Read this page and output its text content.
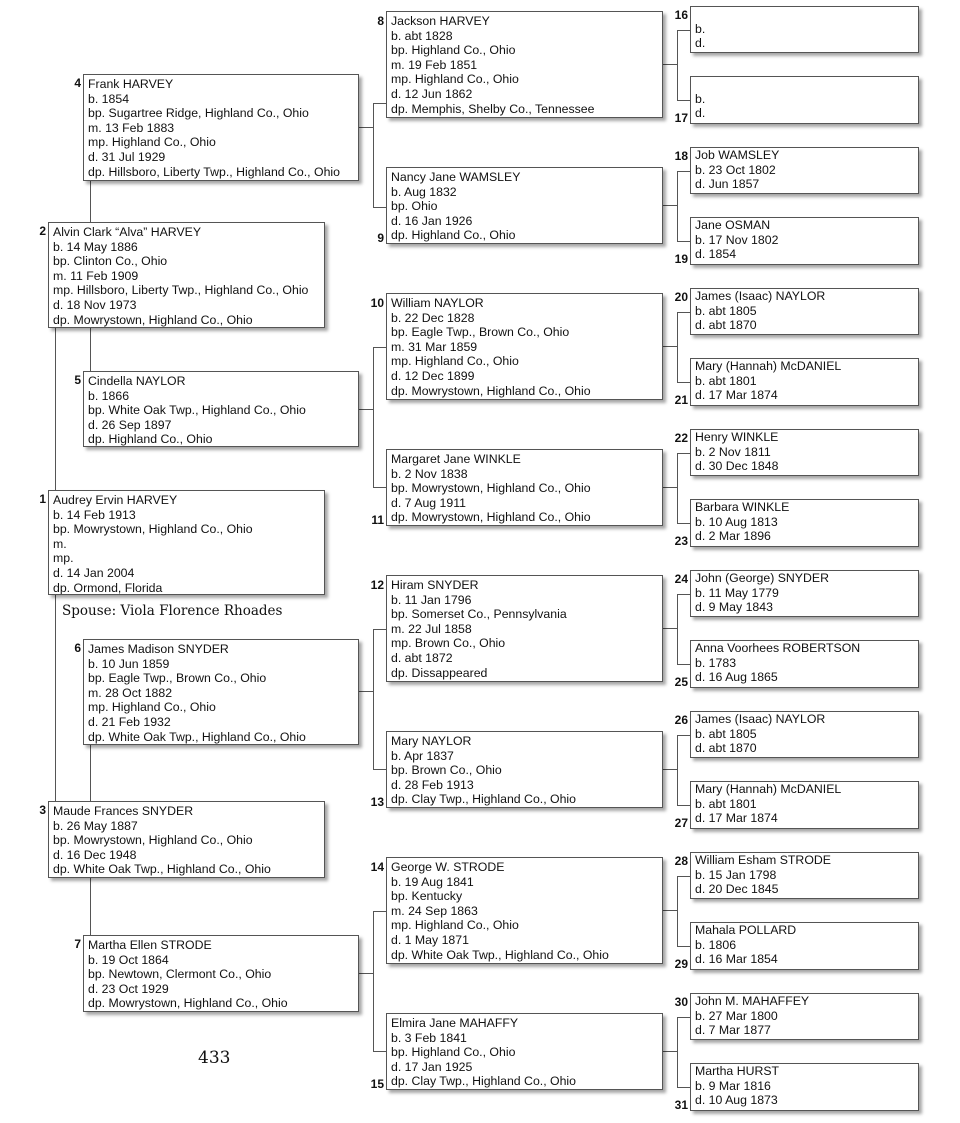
1 Audrey Ervin HARVEY
b. 14 Feb 1913
bp. Mowrystown, Highland Co., Ohio
m.
mp.
d. 14 Jan 2004
dp. Ormond, Florida
Spouse: Viola Florence Rhoades
2 Alvin Clark “Alva” HARVEY
b. 14 May 1886
bp. Clinton Co., Ohio
m. 11 Feb 1909
mp. Hillsboro, Liberty Twp., Highland Co., Ohio
d. 18 Nov 1973
dp. Mowrystown, Highland Co., Ohio
3 Maude Frances SNYDER
b. 26 May 1887
bp. Mowrystown, Highland Co., Ohio
d. 16 Dec 1948
dp. White Oak Twp., Highland Co., Ohio
4 Frank HARVEY
b. 1854
bp. Sugartree Ridge, Highland Co., Ohio
m. 13 Feb 1883
mp. Highland Co., Ohio
d. 31 Jul 1929
dp. Hillsboro, Liberty Twp., Highland Co., Ohio
5 Cindella NAYLOR
b. 1866
bp. White Oak Twp., Highland Co., Ohio
d. 26 Sep 1897
dp. Highland Co., Ohio
6 James Madison SNYDER
b. 10 Jun 1859
bp. Eagle Twp., Brown Co., Ohio
m. 28 Oct 1882
mp. Highland Co., Ohio
d. 21 Feb 1932
dp. White Oak Twp., Highland Co., Ohio
7 Martha Ellen STRODE
b. 19 Oct 1864
bp. Newtown, Clermont Co., Ohio
d. 23 Oct 1929
dp. Mowrystown, Highland Co., Ohio
8 Jackson HARVEY
b. abt 1828
bp. Highland Co., Ohio
m. 19 Feb 1851
mp. Highland Co., Ohio
d. 12 Jun 1862
dp. Memphis, Shelby Co., Tennessee
9
Nancy Jane WAMSLEY
b. Aug 1832
bp. Ohio
d. 16 Jan 1926
dp. Highland Co., Ohio
10 William NAYLOR
b. 22 Dec 1828
bp. Eagle Twp., Brown Co., Ohio
m. 31 Mar 1859
mp. Highland Co., Ohio
d. 12 Dec 1899
dp. Mowrystown, Highland Co., Ohio
11
Margaret Jane WINKLE
b. 2 Nov 1838
bp. Mowrystown, Highland Co., Ohio
d. 7 Aug 1911
dp. Mowrystown, Highland Co., Ohio
12 Hiram SNYDER
b. 11 Jan 1796
bp. Somerset Co., Pennsylvania
m. 22 Jul 1858
mp. Brown Co., Ohio
d. abt 1872
dp. Dissappeared
13
Mary NAYLOR
b. Apr 1837
bp. Brown Co., Ohio
d. 28 Feb 1913
dp. Clay Twp., Highland Co., Ohio
14 George W. STRODE
b. 19 Aug 1841
bp. Kentucky
m. 24 Sep 1863
mp. Highland Co., Ohio
d. 1 May 1871
dp. White Oak Twp., Highland Co., Ohio
15
Elmira Jane MAHAFFY
b. 3 Feb 1841
bp. Highland Co., Ohio
d. 17 Jan 1925
dp. Clay Twp., Highland Co., Ohio
16
b.
d.
17
b.
d.
18 Job WAMSLEY
b. 23 Oct 1802
d. Jun 1857
19
Jane OSMAN
b. 17 Nov 1802
d. 1854
20 James (Isaac) NAYLOR
b. abt 1805
d. abt 1870
21
Mary (Hannah) McDANIEL
b. abt 1801
d. 17 Mar 1874
22 Henry WINKLE
b. 2 Nov 1811
d. 30 Dec 1848
23
Barbara WINKLE
b. 10 Aug 1813
d. 2 Mar 1896
24 John (George) SNYDER
b. 11 May 1779
d. 9 May 1843
25
Anna Voorhees ROBERTSON
b. 1783
d. 16 Aug 1865
26 James (Isaac) NAYLOR
b. abt 1805
d. abt 1870
27
Mary (Hannah) McDANIEL
b. abt 1801
d. 17 Mar 1874
28 William Esham STRODE
b. 15 Jan 1798
d. 20 Dec 1845
29
Mahala POLLARD
b. 1806
d. 16 Mar 1854
30 John M. MAHAFFEY
b. 27 Mar 1800
d. 7 Mar 1877
31
Martha HURST
b. 9 Mar 1816
d. 10 Aug 1873
433
